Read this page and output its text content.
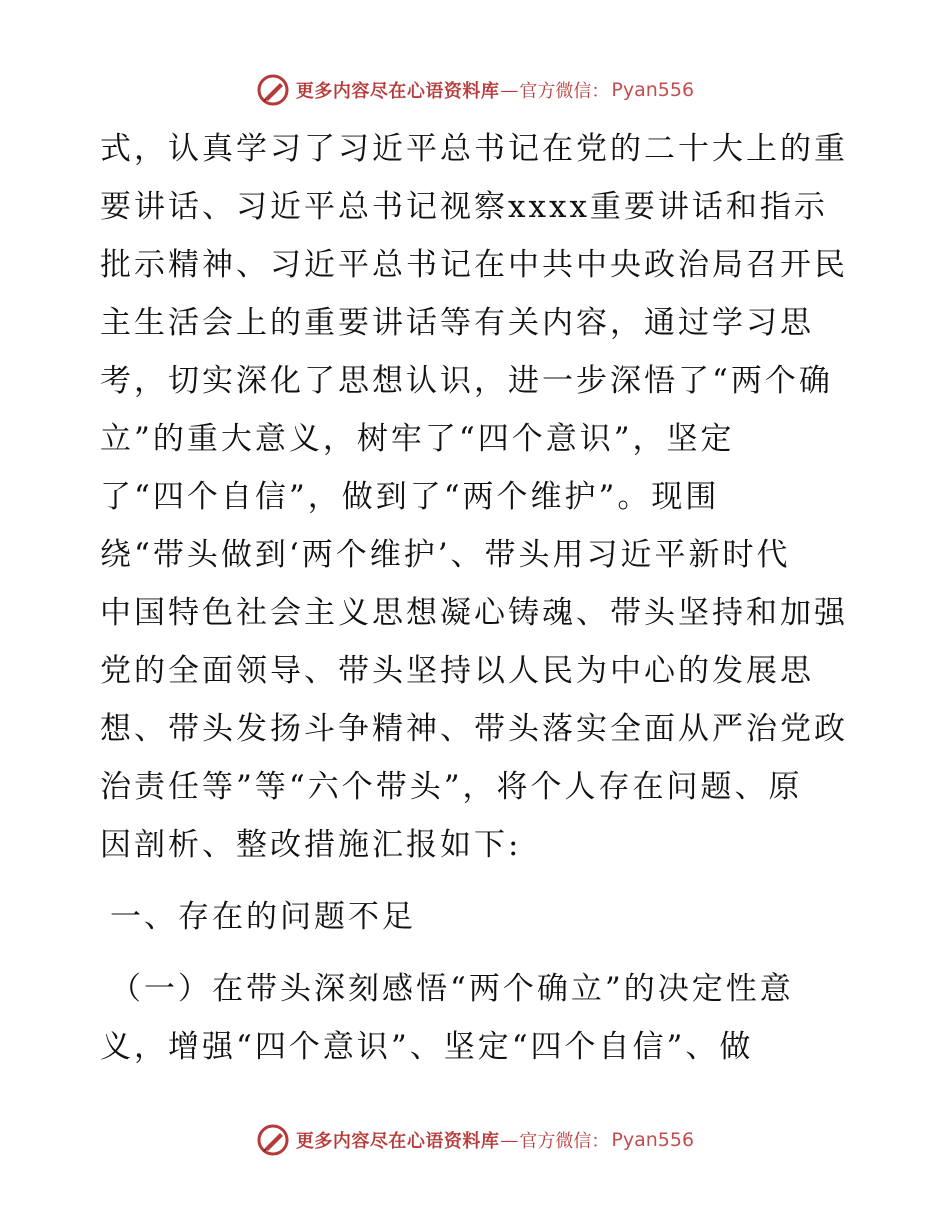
更多内容尽在心语资料库 — 官方微信： Pyan556
式，认真学习了习近平总书记在党的二十大上的重
要讲话、习近平总书记视察xxxx重要讲话和指示
批示精神、习近平总书记在中共中央政治局召开民
主生活会上的重要讲话等有关内容，通过学习思
考，切实深化了思想认识，进一步深悟了“两个确
立”的重大意义，树牢了“四个意识”，坚定
了“四个自信”，做到了“两个维护”。现围
绕“带头做到‘两个维护’、带头用习近平新时代
中国特色社会主义思想凝心铸魂、带头坚持和加强
党的全面领导、带头坚持以人民为中心的发展思
想、带头发扬斗争精神、带头落实全面从严治党政
治责任等”等“六个带头”，将个人存在问题、原
因剖析、整改措施汇报如下:
一、存在的问题不足
（一）在带头深刻感悟“两个确立”的决定性意
义，增强“四个意识”、坚定“四个自信”、做
更多内容尽在心语资料库 — 官方微信： Pyan556
